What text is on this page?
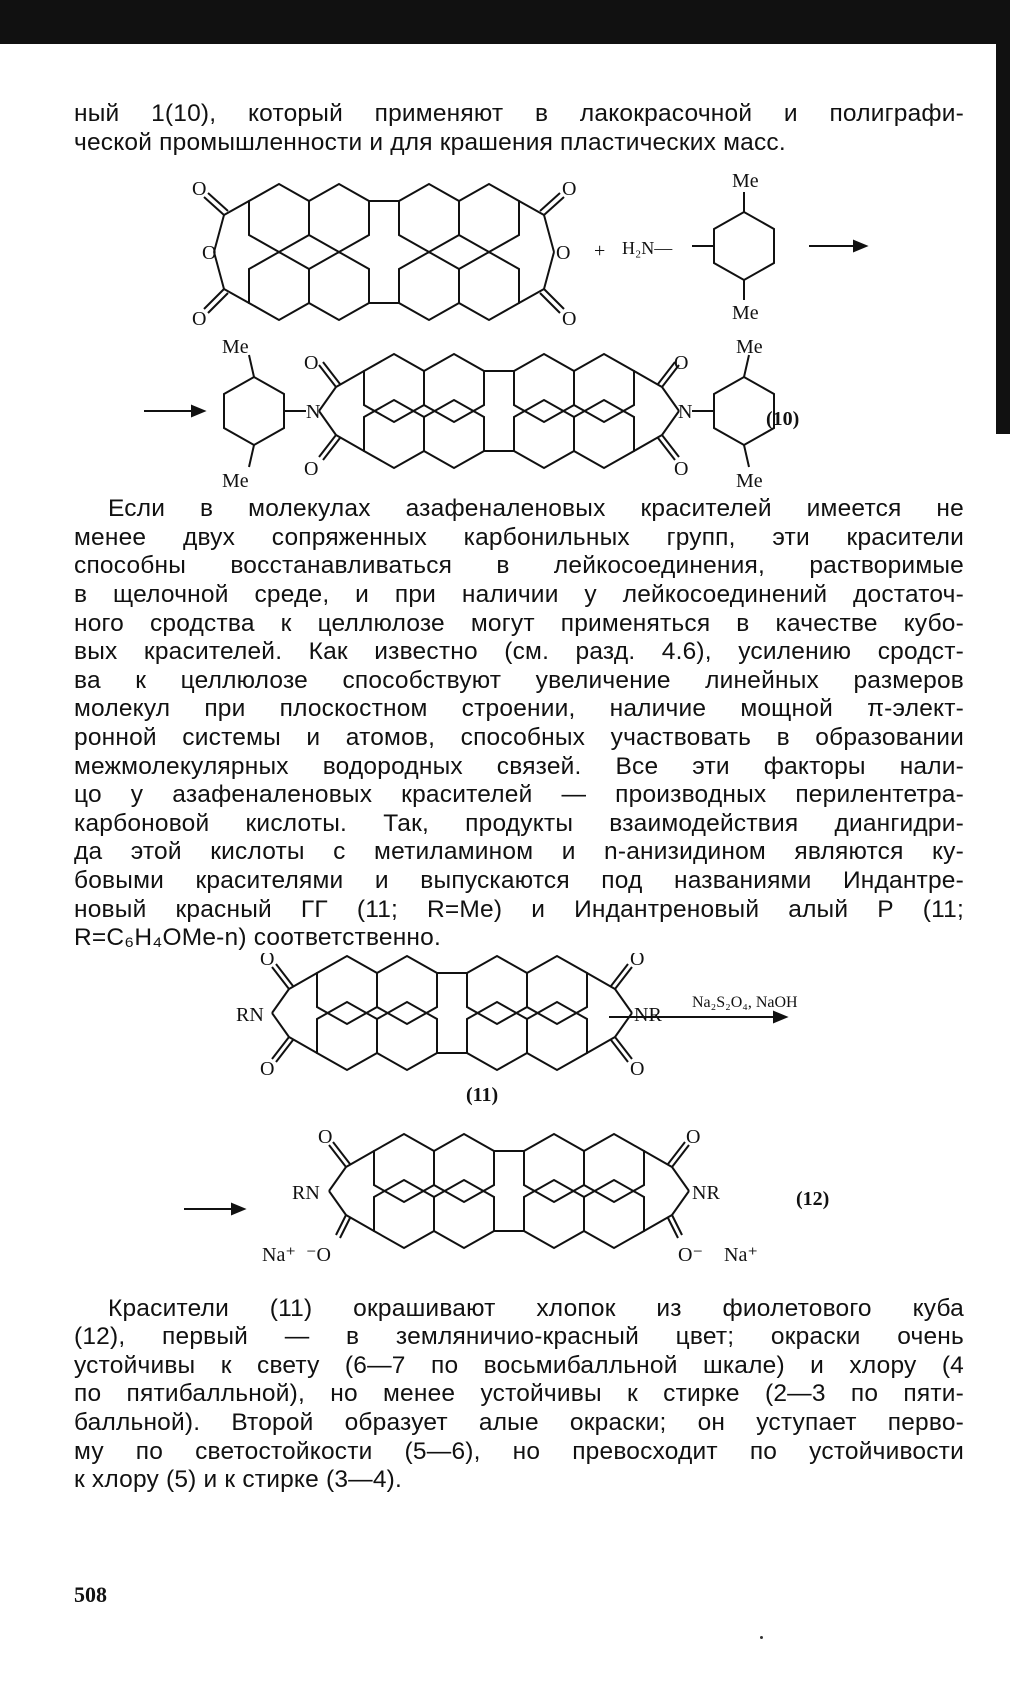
ный 1(10), который применяют в лакокрасочной и полиграфи-
ческой промышленности и для крашения пластических масс.

O
O
O
O
O
O
+ H₂N—
Me
Me
Me
Me
O
O
N
O
O
N
Me
Me
(10)

Если в молекулах азафеналеновых красителей имеется не
менее двух сопряженных карбонильных групп, эти красители
способны восстанавливаться в лейкосоединения, растворимые
в щелочной среде, и при наличии у лейкосоединений достаточ-
ного сродства к целлюлозе могут применяться в качестве кубо-
вых красителей. Как известно (см. разд. 4.6), усилению сродст-
ва к целлюлозе способствуют увеличение линейных размеров
молекул при плоскостном строении, наличие мощной π-элект-
ронной системы и атомов, способных участвовать в образовании
межмолекулярных водородных связей. Все эти факторы нали-
цо у азафеналеновых красителей — производных перилентетра-
карбоновой кислоты. Так, продукты взаимодействия диангидри-
да этой кислоты с метиламином и n-анизидином являются ку-
бовыми красителями и выпускаются под названиями Индантре-
новый красный ГГ (11; R=Me) и Индантреновый алый Р (11;
R=C₆H₄OMe-n) соответственно.

O
O
RN
O
O
NR
Na₂S₂O₄, NaOH
(11)
O
RN
Na⁺ ⁻O
O
NR
O⁻ Na⁺
(12)

Красители (11) окрашивают хлопок из фиолетового куба
(12), первый — в земляничио-красный цвет; окраски очень
устойчивы к свету (6—7 по восьмибалльной шкале) и хлору (4
по пятибалльной), но менее устойчивы к стирке (2—3 по пяти-
балльной). Второй образует алые окраски; он уступает перво-
му по светостойкости (5—6), но превосходит по устойчивости
к хлору (5) и к стирке (3—4).

508
